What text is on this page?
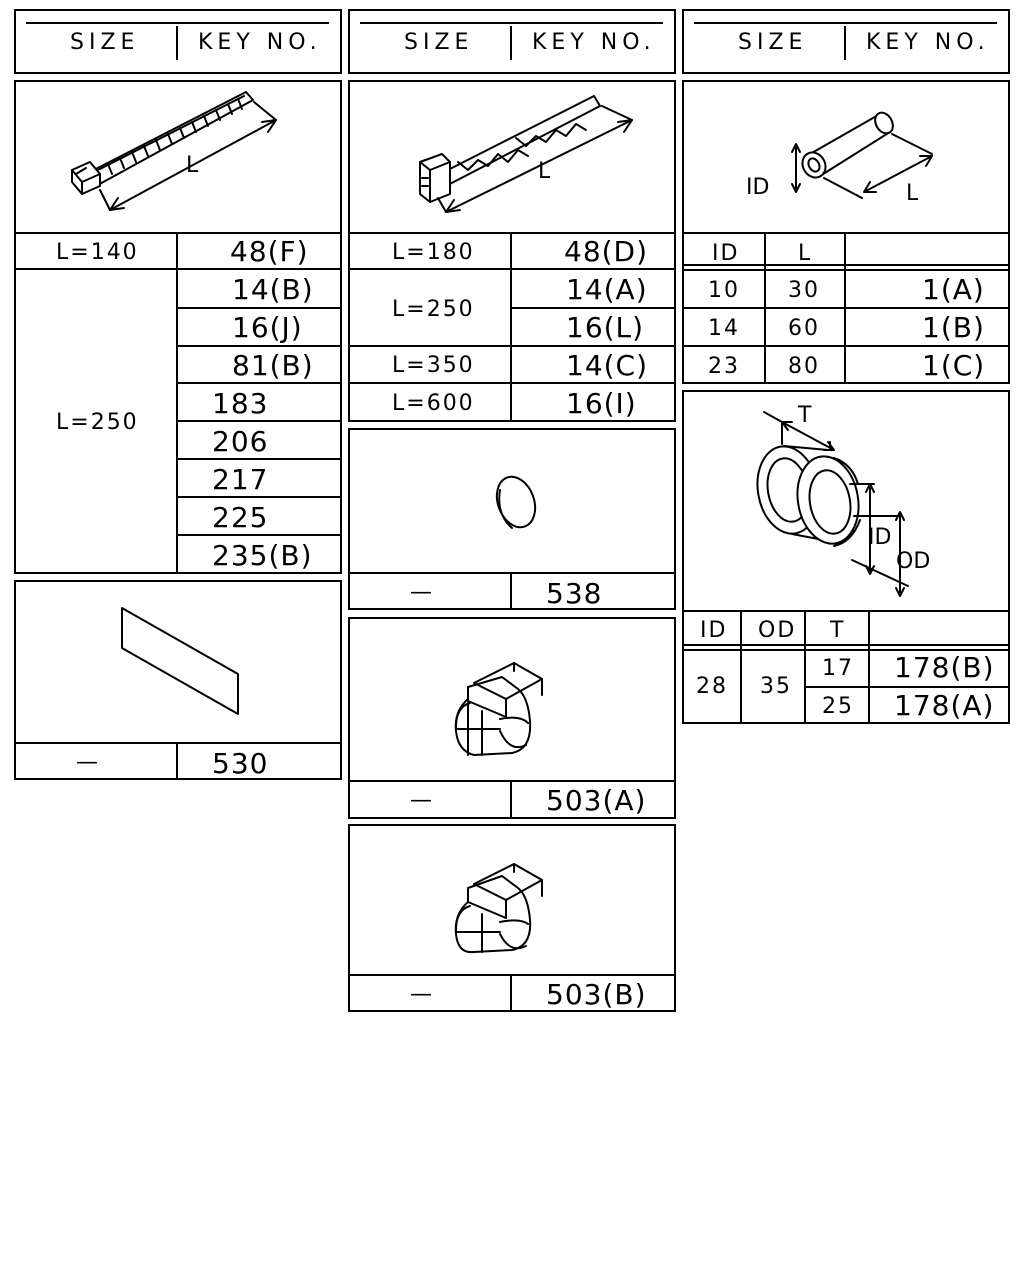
SIZE	KEY NO.
L
L=140	48(F)
L=250
14(B)
16(J)
81(B)
183
206
217
225
235(B)
—	530
SIZE	KEY NO.
L
L=180	48(D)
L=250
14(A)
16(L)
L=350	14(C)
L=600	16(I)
—	538
—	503(A)
—	503(B)
SIZE	KEY NO.
ID	L
ID	L
10 30	1(A)
14 60	1(B)
23 80	1(C)
T
ID
OD
ID OD T
28 35
17 178(B)
25 178(A)
